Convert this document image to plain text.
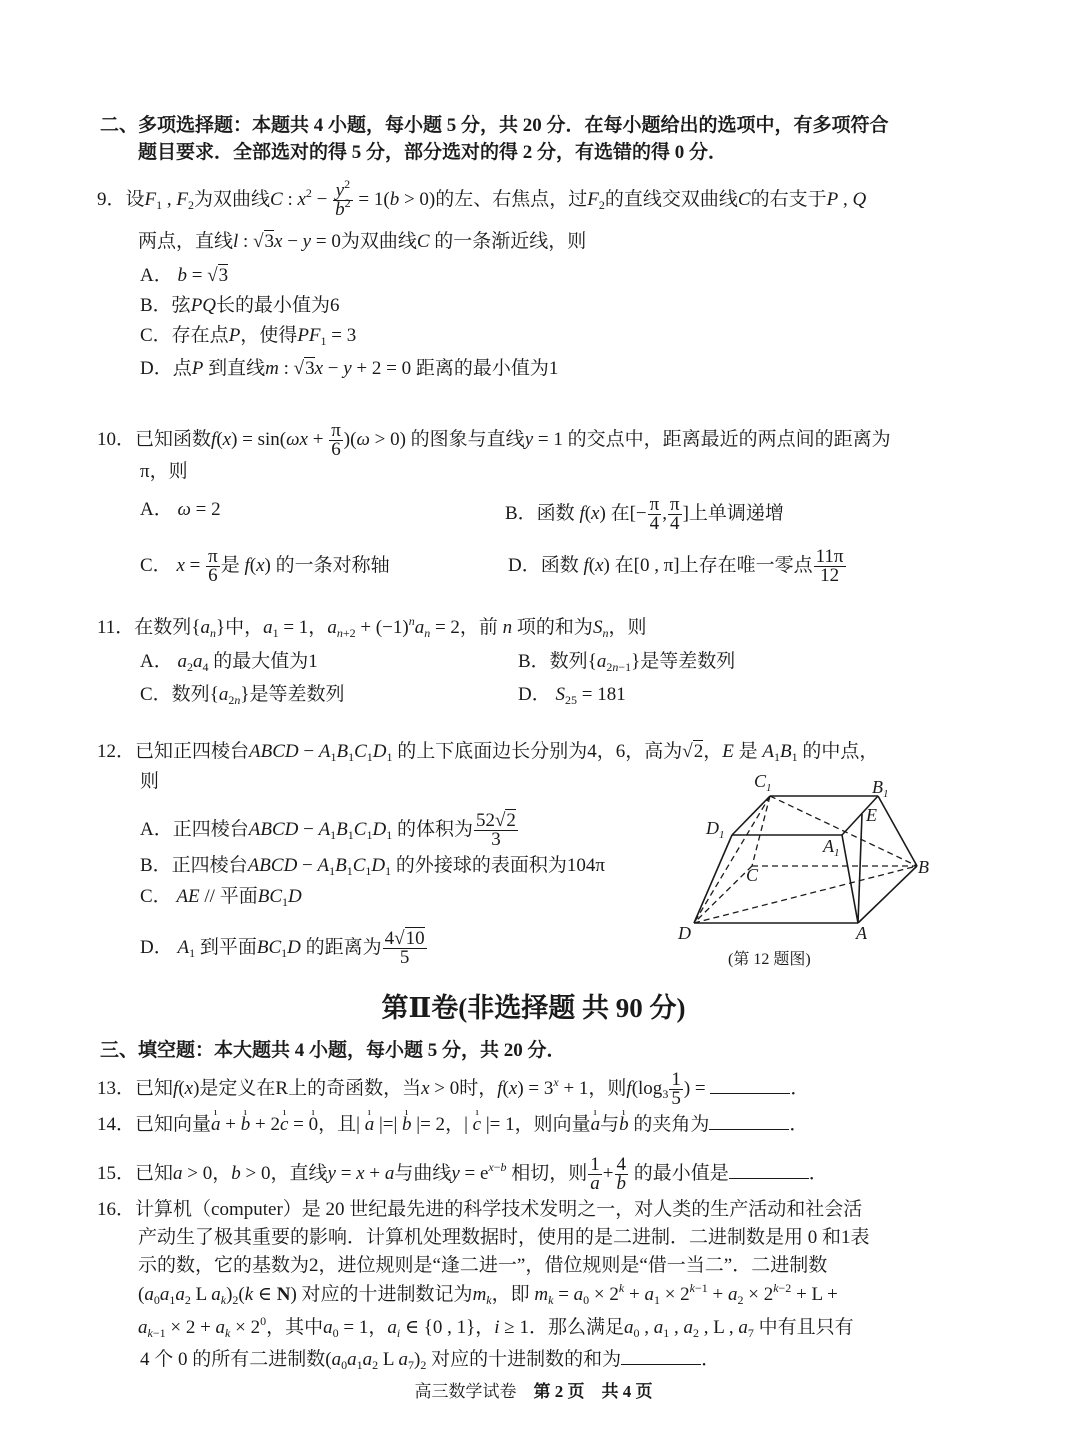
二、多项选择题：本题共 4 小题，每小题 5 分，共 20 分．在每小题给出的选项中，有多项符合
题目要求．全部选对的得 5 分，部分选对的得 2 分，有选错的得 0 分．
9．设$F_1$ , $F_2$为双曲线C : $x^2 - \frac{y^2}{b^2} = 1(b > 0)$的左、右焦点，过$F_2$的直线交双曲线C的右支于P , Q
两点，直线l : √3x − y = 0为双曲线C 的一条渐近线，则
A． b = √3
B．弦PQ长的最小值为6
C．存在点P，使得$PF_1 = 3$
D．点P 到直线m : √3x − y + 2 = 0 距离的最小值为1
10．已知函数$f(x) = \sin(\omega x + \frac{\pi}{6} )(\omega > 0)$ 的图象与直线y = 1 的交点中，距离最近的两点间的距离为
π，则
A． ω = 2	B．函数 f(x) 在[− $\frac{\pi}{4}$ , $\frac{\pi}{4}$ ]上单调递增
C． $x = \frac{\pi}{6}$ 是 f(x) 的一条对称轴	D．函数 f(x) 在[0 , π]上存在唯一零点 $\frac{11\pi}{12}$
11．在数列$\{a_n\}$中，$a_1 = 1$，$a_{n+2} + (-1)^na_n = 2$，前 n 项的和为$S_n$，则
A． $a_2a_4$ 的最大值为1	B．数列$\{a_{2n-1}\}$是等差数列
C．数列$\{a_{2n}\}$是等差数列	D． $S_{25} = 181$
12．已知正四棱台ABCD − $A_1B_1C_1D_1$ 的上下底面边长分别为4，6，高为√2，E 是 $A_1B_1$ 的中点，
则
A．正四棱台ABCD − $A_1B_1C_1D_1$ 的体积为 $\frac{52√2}{3}$
B．正四棱台ABCD − $A_1B_1C_1D_1$ 的外接球的表面积为104π
C． AE // 平面$BC_1D$
D． $A_1$ 到平面$BC_1D$ 的距离为 $\frac{4√10}{5}$
$C_1$	$B_1$
$D_1$
E
$A_1$
C	B
D	A
(第 12 题图)
第Ⅱ卷(非选择题 共 90 分)
三、填空题：本大题共 4 小题，每小题 5 分，共 20 分．
13．已知f(x)是定义在R上的奇函数，当x > 0时，$f(x) = 3^x + 1$，则$f(\log_3 \frac{1}{5}$ ) =	．
14．已知向量ı a + ı b + 2ı c = ı 0，且| ı a |=| ı b |= 2，| ı c |= 1，则向量ı a与ı b 的夹角为	．
15．已知a > 0，b > 0，直线y = x + a与曲线$y = e^{x-b}$ 相切，则 $\frac{1}{a} + \frac{4}{b}$ 的最小值是	．
16．计算机（computer）是 20 世纪最先进的科学技术发明之一，对人类的生产活动和社会活
产动生了极其重要的影响．计算机处理数据时，使用的是二进制．二进制数是用 0 和1表
示的数，它的基数为2，进位规则是“逢二进一”，借位规则是“借一当二”．二进制数
($a_0a_1a_2$ L $a_k)_2(k$ ∈ N) 对应的十进制数记为$m_k$，即 $m_k = a_0 \times 2^k + a_1 \times 2^{k-1} + a_2 \times 2^{k-2} + L$ +
$a_{k-1} \times 2 + a_k \times 2^0$，其中$a_0 = 1$，$a_i$ ∈ {0 , 1}，i ≥ 1．那么满足$a_0$ , $a_1$ , $a_2$ , L , $a_7$ 中有且只有
4 个 0 的所有二进制数($a_0a_1a_2$ L $a_7)_2$ 对应的十进制数的和为	．
高三数学试卷 第 2 页 共 4 页
